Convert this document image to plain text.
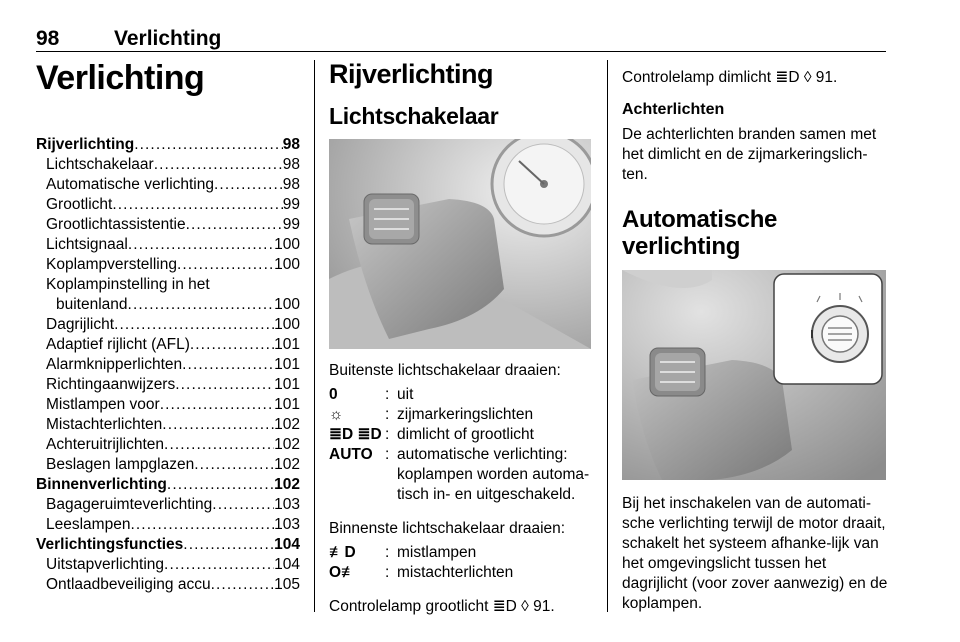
98	Verlichting
Verlichting
Rijverlichting . . .	98
Lichtschakelaar . . .	98
Automatische verlichting . . .	98
Grootlicht . . .	99
Grootlichtassistentie . . .	99
Lichtsignaal . . .	100
Koplampverstelling . . .	100
Koplampinstelling in het
buitenland . . .	100
Dagrijlicht . . .	100
Adaptief rijlicht (AFL) . . .	101
Alarmknipperlichten . . .	101
Richtingaanwijzers . . .	101
Mistlampen voor . . .	101
Mistachterlichten . . .	102
Achteruitrijlichten . . .	102
Beslagen lampglazen . . .	102
Binnenverlichting . . .	102
Bagageruimteverlichting . . .	103
Leeslampen . . .	103
Verlichtingsfuncties . . .	104
Uitstapverlichting . . .	104
Ontlaadbeveiliging accu . . .	105
Rijverlichting
Lichtschakelaar

Buitenste lichtschakelaar draaien:

0	:	uit
☼	:	zijmarkeringslichten
≣D ≣D	:	dimlicht of grootlicht
AUTO	:	automatische verlichting: koplampen worden automa-tisch in- en uitgeschakeld.

Binnenste lichtschakelaar draaien:

≢D	:	mistlampen
O≢	:	mistachterlichten

Controlelamp grootlicht ≣D ◊ 91.

Controlelamp dimlicht ≣D ◊ 91.

Achterlichten

De achterlichten branden samen met het dimlicht en de zijmarkeringslich-ten.

Automatische verlichting

Bij het inschakelen van de automati-sche verlichting terwijl de motor draait, schakelt het systeem afhanke-lijk van het omgevingslicht tussen het dagrijlicht (voor zover aanwezig) en de koplampen.
